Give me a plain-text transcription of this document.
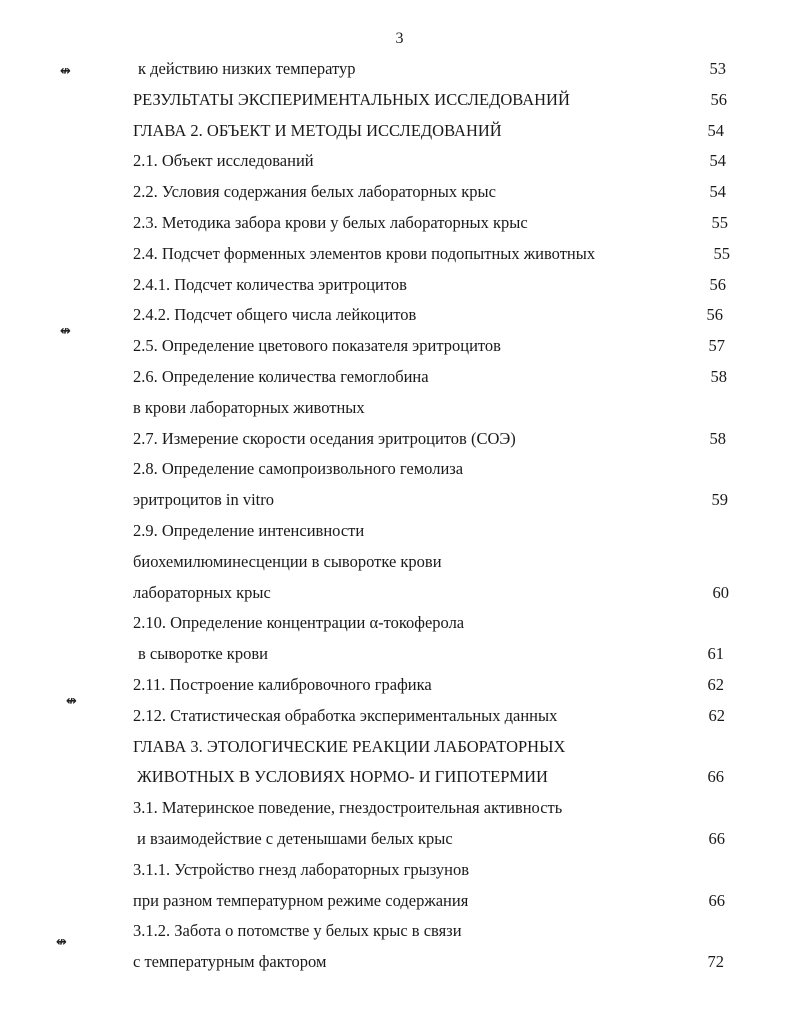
3
к действию низких температур	53
РЕЗУЛЬТАТЫ ЭКСПЕРИМЕНТАЛЬНЫХ ИССЛЕДОВАНИЙ	56
ГЛАВА 2. ОБЪЕКТ И МЕТОДЫ ИССЛЕДОВАНИЙ	54
2.1. Объект исследований	54
2.2. Условия содержания белых лабораторных крыс	54
2.3. Методика забора крови у белых лабораторных крыс	55
2.4. Подсчет форменных элементов крови подопытных животных	55
2.4.1. Подсчет количества эритроцитов	56
2.4.2. Подсчет общего числа лейкоцитов	56
2.5. Определение цветового показателя эритроцитов	57
2.6. Определение количества гемоглобина	58
в крови лабораторных животных
2.7. Измерение скорости оседания эритроцитов (СОЭ)	58
2.8. Определение самопроизвольного гемолиза
эритроцитов in vitro	59
2.9. Определение интенсивности
биохемилюминесценции в сыворотке крови
лабораторных крыс	60
2.10. Определение концентрации α-токоферола
в сыворотке крови	61
2.11. Построение калибровочного графика	62
2.12. Статистическая обработка экспериментальных данных	62
ГЛАВА 3. ЭТОЛОГИЧЕСКИЕ РЕАКЦИИ ЛАБОРАТОРНЫХ
ЖИВОТНЫХ В УСЛОВИЯХ НОРМО- И ГИПОТЕРМИИ	66
3.1. Материнское поведение, гнездостроительная активность
и взаимодействие с детенышами белых крыс	66
3.1.1. Устройство гнезд лабораторных грызунов
при разном температурном режиме содержания	66
3.1.2. Забота о потомстве у белых крыс в связи
с температурным фактором	72
↮
↮
↮
↮
